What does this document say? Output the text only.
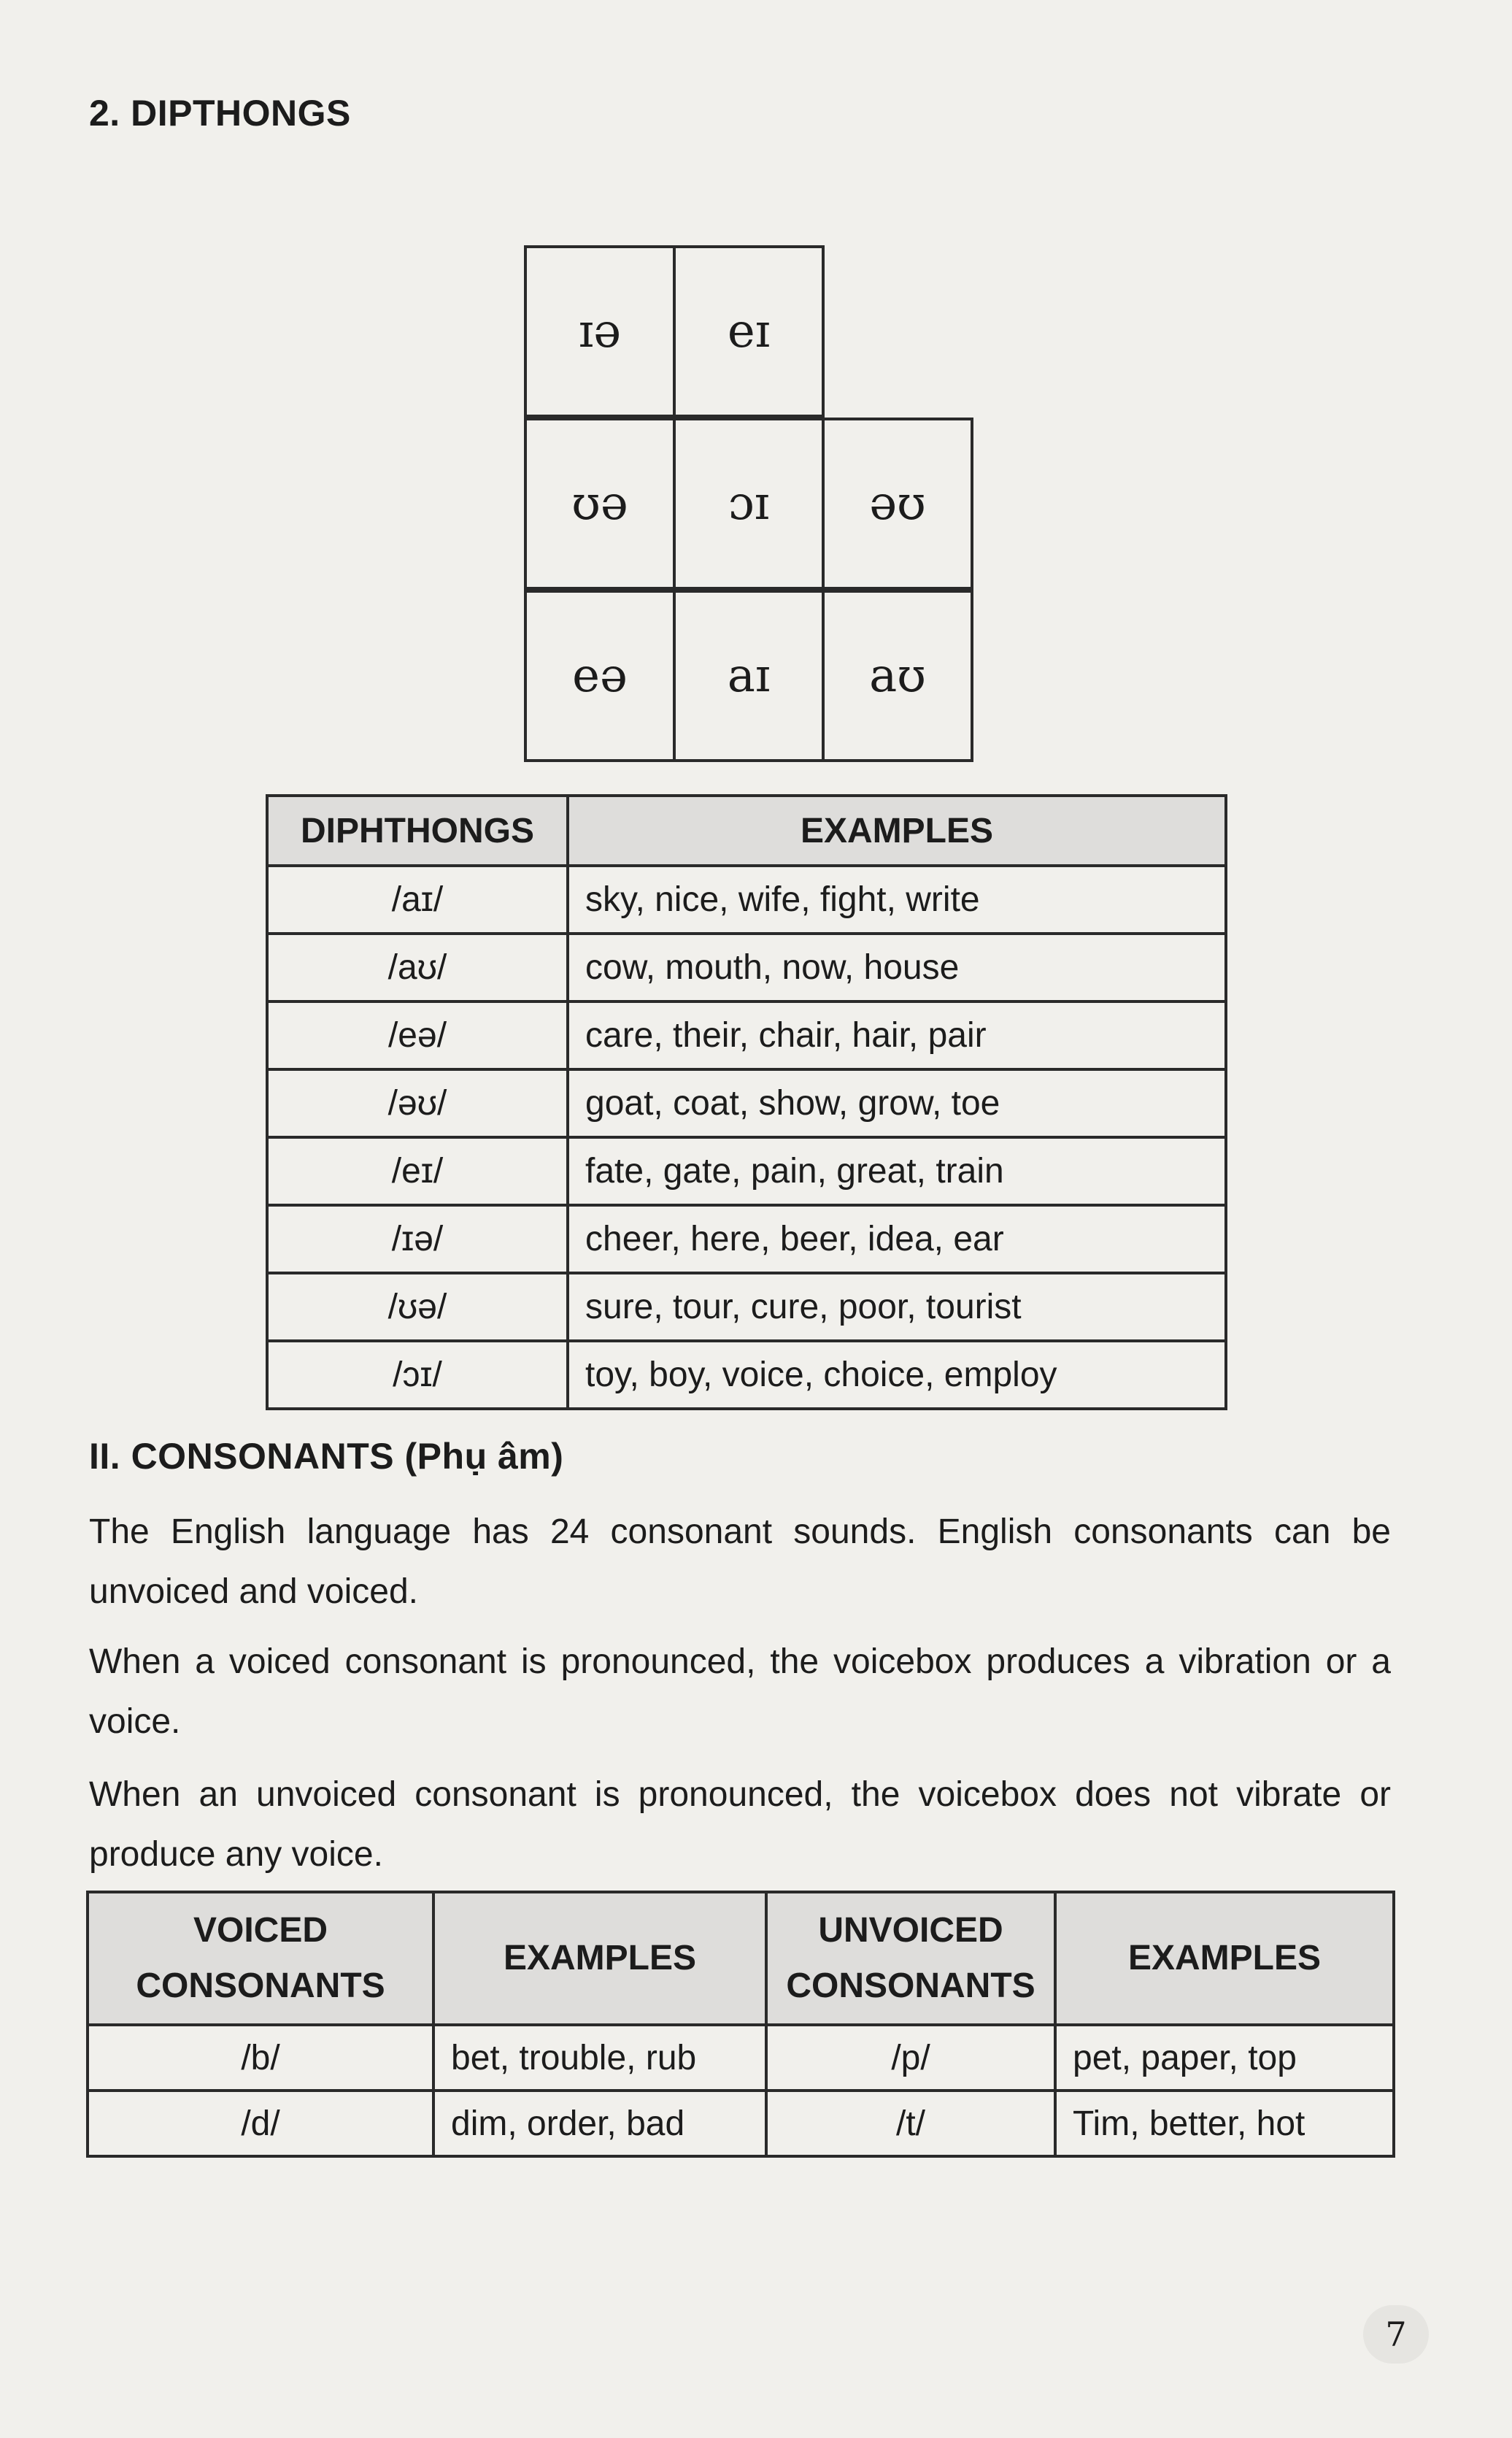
2. DIPTHONGS
ɪə	eɪ
ʊə	ɔɪ	əʊ
eə	aɪ	aʊ
DIPHTHONGS	EXAMPLES
/aɪ/	sky, nice, wife, fight, write
/aʊ/	cow, mouth, now, house
/eə/	care, their, chair, hair, pair
/əʊ/	goat, coat, show, grow, toe
/eɪ/	fate, gate, pain, great, train
/ɪə/	cheer, here, beer, idea, ear
/ʊə/	sure, tour, cure, poor, tourist
/ɔɪ/	toy, boy, voice, choice, employ
II. CONSONANTS (Phụ âm)

The English language has 24 consonant sounds. English consonants can be unvoiced and voiced.

When a voiced consonant is pronounced, the voicebox produces a vibration or a voice.

When an unvoiced consonant is pronounced, the voicebox does not vibrate or produce any voice.

VOICED CONSONANTS	EXAMPLES	UNVOICED CONSONANTS	EXAMPLES
/b/	bet, trouble, rub	/p/	pet, paper, top
/d/	dim, order, bad	/t/	Tim, better, hot
7
